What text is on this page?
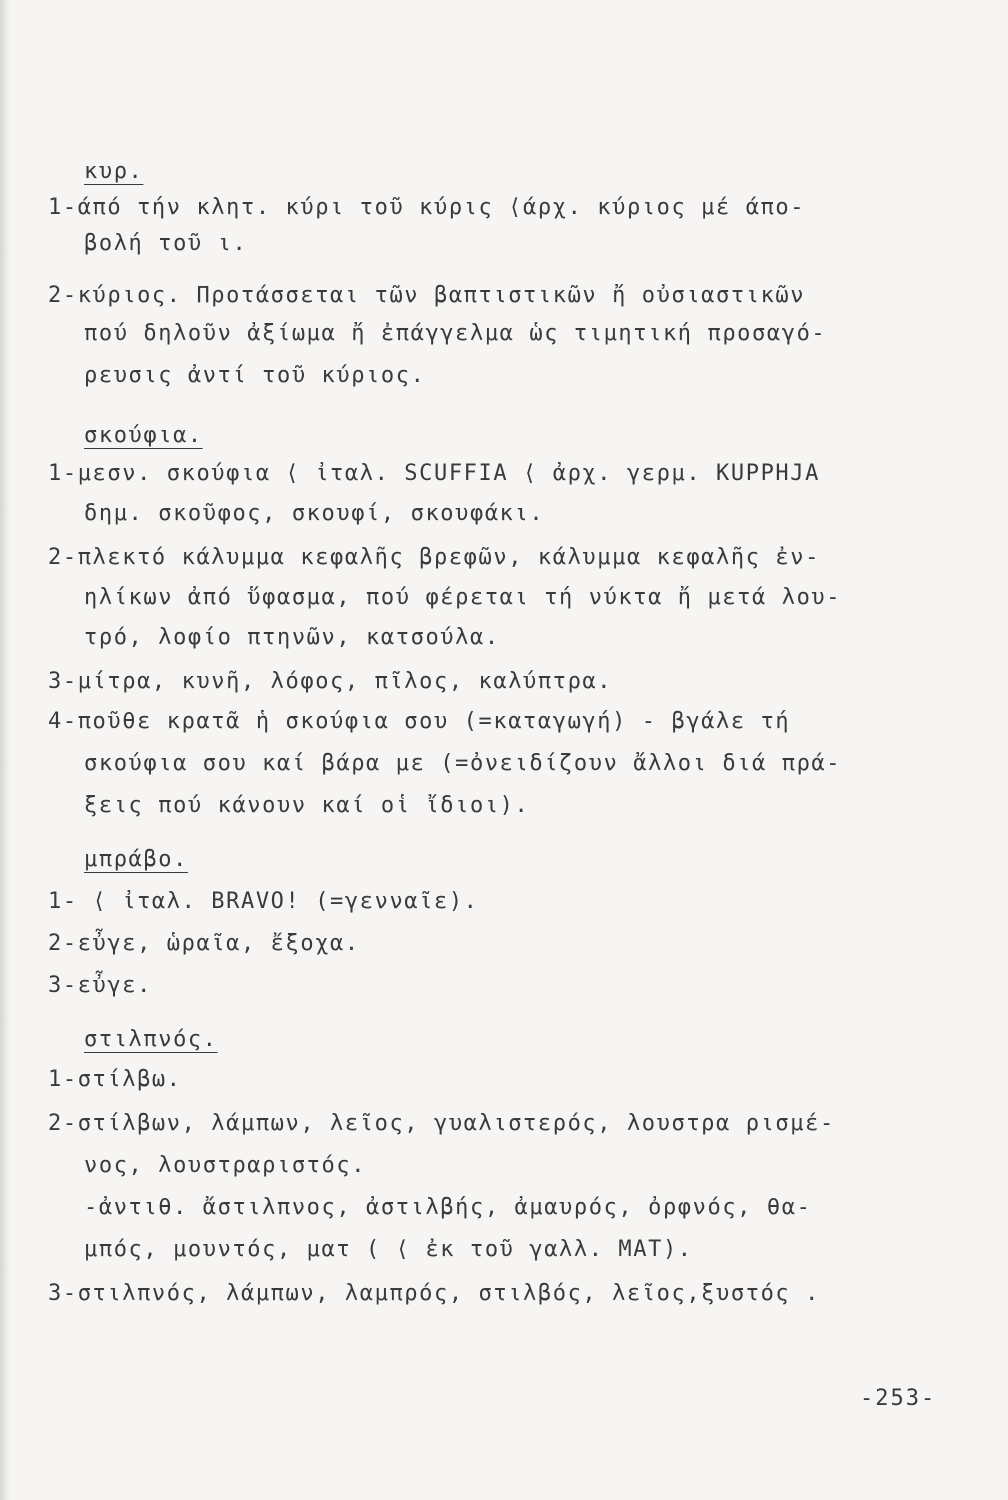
κυρ.
1-άπό τήν κλητ. κύρι τοῦ κύρις ⟨άρχ. κύριος μέ άπο-
βολή τοῦ ι.
2-κύριος. Προτάσσεται τῶν βαπτιστικῶν ἤ οὐσιαστικῶν
πού δηλοῦν ἀξίωμα ἤ ἐπάγγελμα ὡς τιμητική προσαγό-
ρευσις ἀντί τοῦ κύριος.
σκούφια.
1-μεσν. σκούφια ⟨ ἰταλ. SCUFFIA ⟨ ἀρχ. γερμ. KUPPHJA
δημ. σκοῦφος, σκουφί, σκουφάκι.
2-πλεκτό κάλυμμα κεφαλῆς βρεφῶν, κάλυμμα κεφαλῆς ἐν-
ηλίκων ἀπό ὕφασμα, πού φέρεται τή νύκτα ἤ μετά λου-
τρό, λοφίο πτηνῶν, κατσούλα.
3-μίτρα, κυνῆ, λόφος, πῖλος, καλύπτρα.
4-ποῦθε κρατᾶ ἡ σκούφια σου (=καταγωγή) - βγάλε τή
σκούφια σου καί βάρα με (=ὀνειδίζουν ἄλλοι διά πρά-
ξεις πού κάνουν καί οἱ ἴδιοι).
μπράβο.
1- ⟨ ἰταλ. BRAVO! (=γενναῖε).
2-εὖγε, ὡραῖα, ἔξοχα.
3-εὖγε.
στιλπνός.
1-στίλβω.
2-στίλβων, λάμπων, λεῖος, γυαλιστερός, λουστρα ρισμέ-
νος, λουστραριστός.
-ἀντιθ. ἄστιλπνος, ἀστιλβής, ἀμαυρός, ὀρφνός, θα-
μπός, μουντός, ματ ( ⟨ ἐκ τοῦ γαλλ. MAT).
3-στιλπνός, λάμπων, λαμπρός, στιλβός, λεῖος,ξυστός .
-253-
